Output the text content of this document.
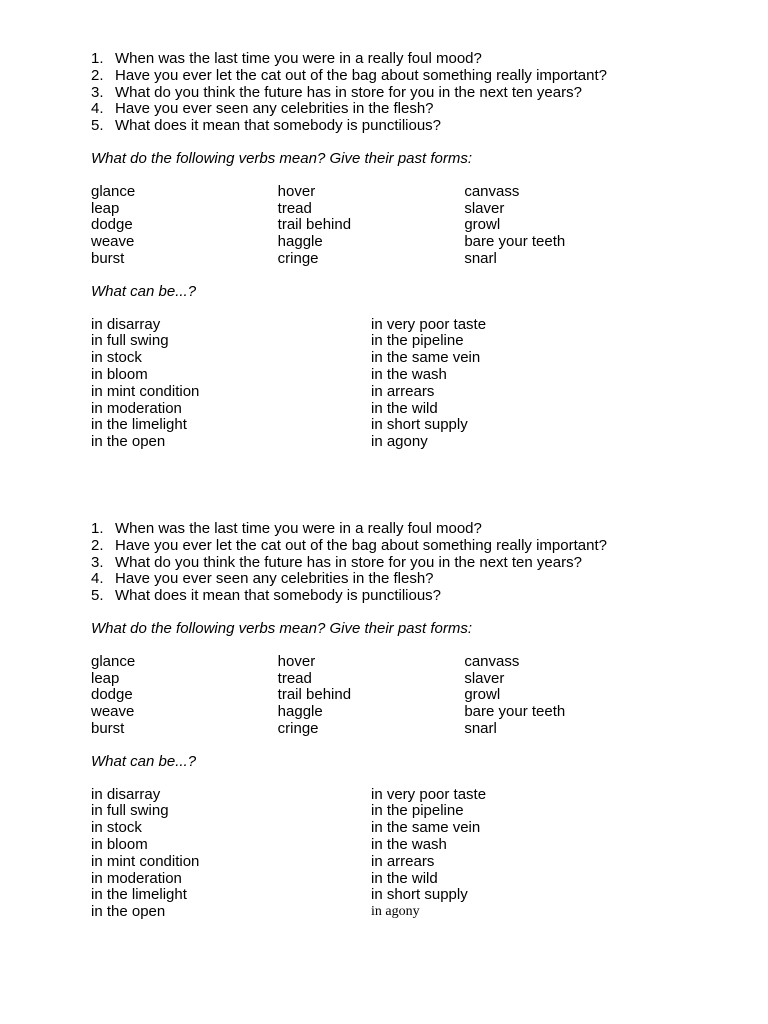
1. When was the last time you were in a really foul mood?
2. Have you ever let the cat out of the bag about something really important?
3. What do you think the future has in store for you in the next ten years?
4. Have you ever seen any celebrities in the flesh?
5. What does it mean that somebody is punctilious?
What do the following verbs mean? Give their past forms:
glance
leap
dodge
weave
burst
hover
tread
trail behind
haggle
cringe
canvass
slaver
growl
bare your teeth
snarl
What can be...?
in disarray
in full swing
in stock
in bloom
in mint condition
in moderation
in the limelight
in the open
in very poor taste
in the pipeline
in the same vein
in the wash
in arrears
in the wild
in short supply
in agony
1. When was the last time you were in a really foul mood?
2. Have you ever let the cat out of the bag about something really important?
3. What do you think the future has in store for you in the next ten years?
4. Have you ever seen any celebrities in the flesh?
5. What does it mean that somebody is punctilious?
What do the following verbs mean? Give their past forms:
glance
leap
dodge
weave
burst
hover
tread
trail behind
haggle
cringe
canvass
slaver
growl
bare your teeth
snarl
What can be...?
in disarray
in full swing
in stock
in bloom
in mint condition
in moderation
in the limelight
in the open
in very poor taste
in the pipeline
in the same vein
in the wash
in arrears
in the wild
in short supply
in agony
